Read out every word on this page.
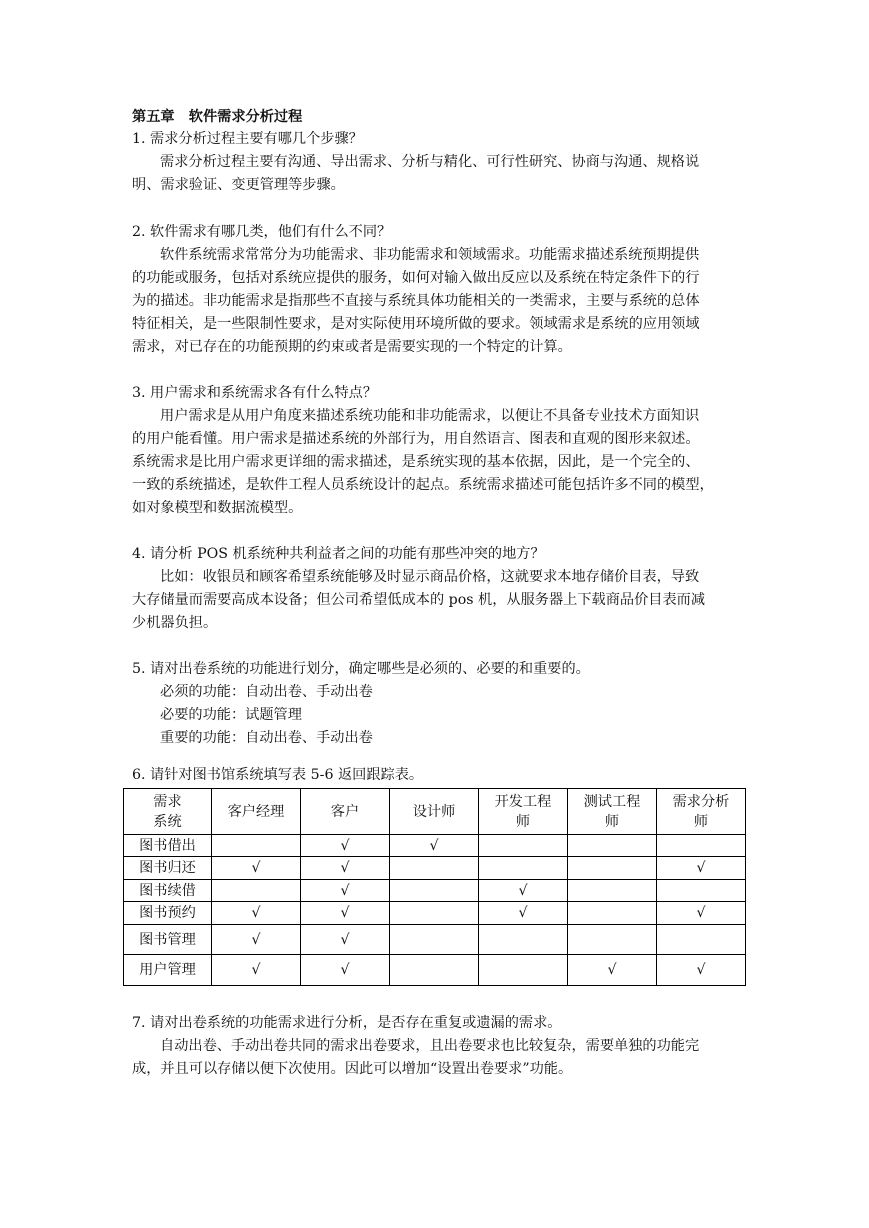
第五章　软件需求分析过程
1. 需求分析过程主要有哪几个步骤？
需求分析过程主要有沟通、导出需求、分析与精化、可行性研究、协商与沟通、规格说
明、需求验证、变更管理等步骤。
2. 软件需求有哪几类，他们有什么不同？
软件系统需求常常分为功能需求、非功能需求和领域需求。功能需求描述系统预期提供
的功能或服务，包括对系统应提供的服务，如何对输入做出反应以及系统在特定条件下的行
为的描述。非功能需求是指那些不直接与系统具体功能相关的一类需求，主要与系统的总体
特征相关，是一些限制性要求，是对实际使用环境所做的要求。领域需求是系统的应用领域
需求，对已存在的功能预期的约束或者是需要实现的一个特定的计算。
3. 用户需求和系统需求各有什么特点？
用户需求是从用户角度来描述系统功能和非功能需求，以便让不具备专业技术方面知识
的用户能看懂。用户需求是描述系统的外部行为，用自然语言、图表和直观的图形来叙述。
系统需求是比用户需求更详细的需求描述，是系统实现的基本依据，因此，是一个完全的、
一致的系统描述，是软件工程人员系统设计的起点。系统需求描述可能包括许多不同的模型，
如对象模型和数据流模型。
4. 请分析 POS 机系统种共利益者之间的功能有那些冲突的地方？
比如：收银员和顾客希望系统能够及时显示商品价格，这就要求本地存储价目表，导致
大存储量而需要高成本设备；但公司希望低成本的 pos 机，从服务器上下载商品价目表而减
少机器负担。
5. 请对出卷系统的功能进行划分，确定哪些是必须的、必要的和重要的。
必须的功能：自动出卷、手动出卷
必要的功能：试题管理
重要的功能：自动出卷、手动出卷
6. 请针对图书馆系统填写表 5-6 返回跟踪表。
需求
系统	客户经理	客户	设计师	开发工程
师	测试工程
师	需求分析
师
图书借出		√	√			
图书归还	√	√				√
图书续借		√		√		
图书预约	√	√		√		√
图书管理	√	√				
用户管理	√	√			√	√
7. 请对出卷系统的功能需求进行分析，是否存在重复或遗漏的需求。
自动出卷、手动出卷共同的需求出卷要求，且出卷要求也比较复杂，需要单独的功能完
成，并且可以存储以便下次使用。因此可以增加“设置出卷要求”功能。
